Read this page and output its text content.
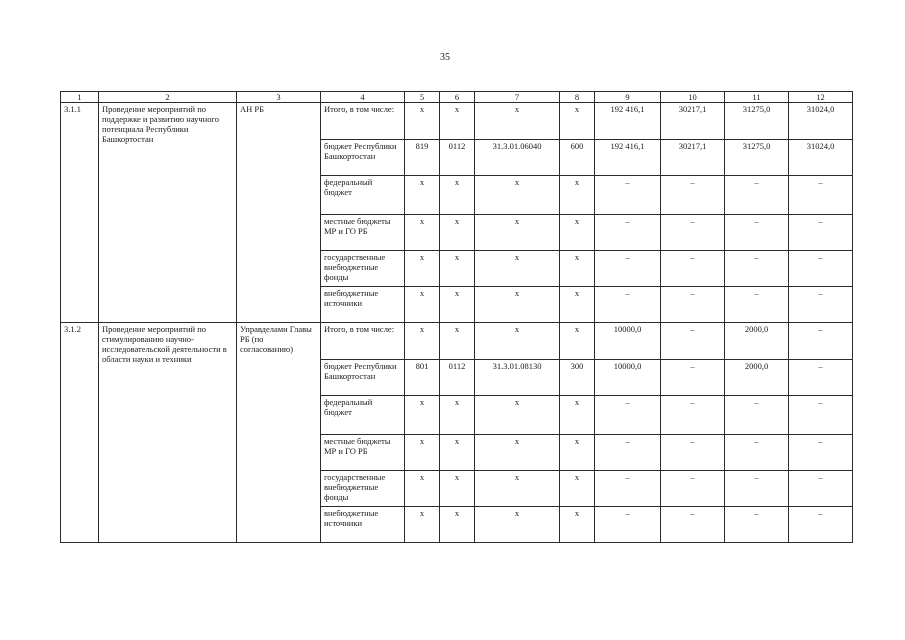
35
1	2	3	4	5	6	7	8	9	10	11	12
3.1.1	Проведение мероприятий по поддержке и развитию научного потенциала Республики Башкортостан	АН РБ	Итого, в том числе:	х	х	х	х	192 416,1	30217,1	31275,0	31024,0
			бюджет Республики Башкортостан	819	0112	31.3.01.06040	600	192 416,1	30217,1	31275,0	31024,0
			федеральный бюджет	х	х	х	х	–	–	–	–
			местные бюджеты МР и ГО РБ	х	х	х	х	–	–	–	–
			государственные внебюджетные фонды	х	х	х	х	–	–	–	–
			внебюджетные источники	х	х	х	х	–	–	–	–
3.1.2	Проведение мероприятий по стимулированию научно-исследовательской деятельности в области науки и техники	Управделами Главы РБ (по согласованию)	Итого, в том числе:	х	х	х	х	10000,0	–	2000,0	–
			бюджет Республики Башкортостан	801	0112	31.3.01.08130	300	10000,0	–	2000,0	–
			федеральный бюджет	х	х	х	х	–	–	–	–
			местные бюджеты МР и ГО РБ	х	х	х	х	–	–	–	–
			государственные внебюджетные фонды	х	х	х	х	–	–	–	–
			внебюджетные источники	х	х	х	х	–	–	–	–
